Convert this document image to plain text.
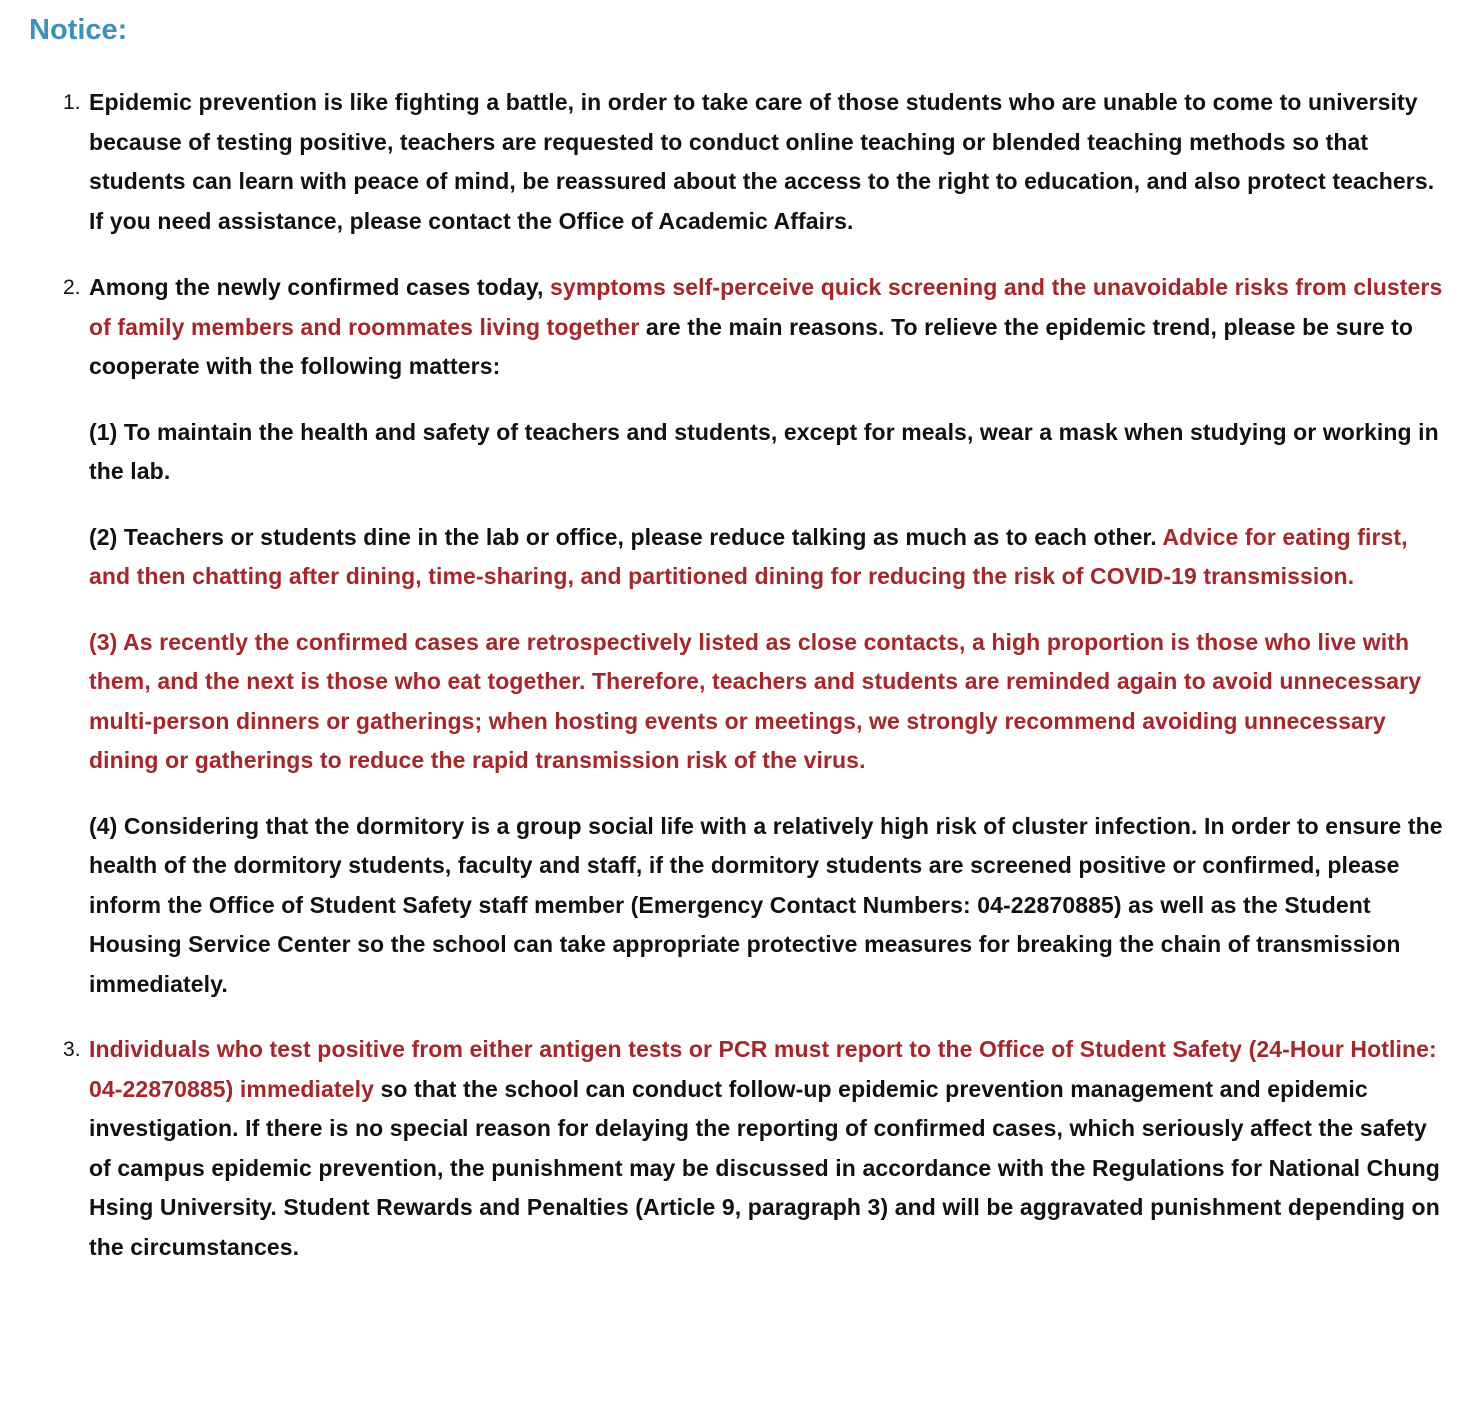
Notice:
1. Epidemic prevention is like fighting a battle, in order to take care of those students who are unable to come to university because of testing positive, teachers are requested to conduct online teaching or blended teaching methods so that students can learn with peace of mind, be reassured about the access to the right to education, and also protect teachers. If you need assistance, please contact the Office of Academic Affairs.

2. Among the newly confirmed cases today, symptoms self-perceive quick screening and the unavoidable risks from clusters of family members and roommates living together are the main reasons. To relieve the epidemic trend, please be sure to cooperate with the following matters:

(1) To maintain the health and safety of teachers and students, except for meals, wear a mask when studying or working in the lab.

(2) Teachers or students dine in the lab or office, please reduce talking as much as to each other. Advice for eating first, and then chatting after dining, time-sharing, and partitioned dining for reducing the risk of COVID-19 transmission.

(3) As recently the confirmed cases are retrospectively listed as close contacts, a high proportion is those who live with them, and the next is those who eat together. Therefore, teachers and students are reminded again to avoid unnecessary multi-person dinners or gatherings; when hosting events or meetings, we strongly recommend avoiding unnecessary dining or gatherings to reduce the rapid transmission risk of the virus.

(4) Considering that the dormitory is a group social life with a relatively high risk of cluster infection. In order to ensure the health of the dormitory students, faculty and staff, if the dormitory students are screened positive or confirmed, please inform the Office of Student Safety staff member (Emergency Contact Numbers: 04-22870885) as well as the Student Housing Service Center so the school can take appropriate protective measures for breaking the chain of transmission immediately.

3. Individuals who test positive from either antigen tests or PCR must report to the Office of Student Safety (24-Hour Hotline: 04-22870885) immediately so that the school can conduct follow-up epidemic prevention management and epidemic investigation. If there is no special reason for delaying the reporting of confirmed cases, which seriously affect the safety of campus epidemic prevention, the punishment may be discussed in accordance with the Regulations for National Chung Hsing University. Student Rewards and Penalties (Article 9, paragraph 3) and will be aggravated punishment depending on the circumstances.
